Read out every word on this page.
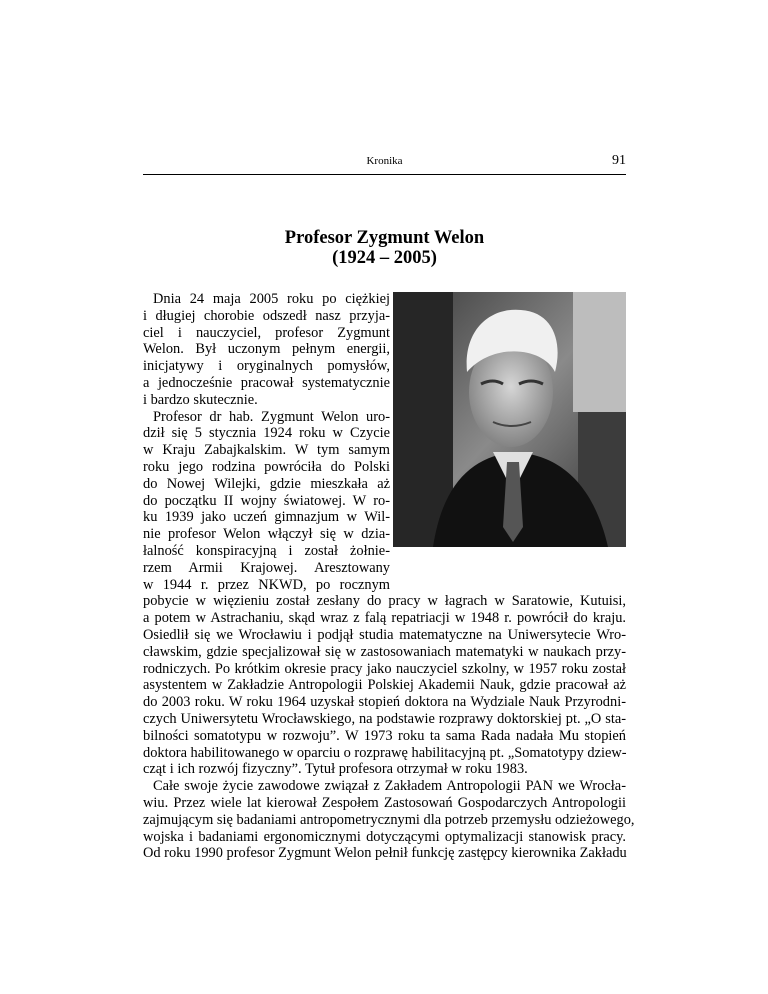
Kronika	91
Profesor Zygmunt Welon
(1924 – 2005)
Dnia 24 maja 2005 roku po ciężkiej
i długiej chorobie odszedł nasz przyja-
ciel i nauczyciel, profesor Zygmunt
Welon. Był uczonym pełnym energii,
inicjatywy i oryginalnych pomysłów,
a jednocześnie pracował systematycznie
i bardzo skutecznie.
Profesor dr hab. Zygmunt Welon uro-
dził się 5 stycznia 1924 roku w Czycie
w Kraju Zabajkalskim. W tym samym
roku jego rodzina powróciła do Polski
do Nowej Wilejki, gdzie mieszkała aż
do początku II wojny światowej. W ro-
ku 1939 jako uczeń gimnazjum w Wil-
nie profesor Welon włączył się w dzia-
łalność konspiracyjną i został żołnie-
rzem Armii Krajowej. Aresztowany
w 1944 r. przez NKWD, po rocznym
pobycie w więzieniu został zesłany do pracy w łagrach w Saratowie, Kutuisi,
a potem w Astrachaniu, skąd wraz z falą repatriacji w 1948 r. powrócił do kraju.
Osiedlił się we Wrocławiu i podjął studia matematyczne na Uniwersytecie Wro-
cławskim, gdzie specjalizował się w zastosowaniach matematyki w naukach przy-
rodniczych. Po krótkim okresie pracy jako nauczyciel szkolny, w 1957 roku został
asystentem w Zakładzie Antropologii Polskiej Akademii Nauk, gdzie pracował aż
do 2003 roku. W roku 1964 uzyskał stopień doktora na Wydziale Nauk Przyrodni-
czych Uniwersytetu Wrocławskiego, na podstawie rozprawy doktorskiej pt. „O sta-
bilności somatotypu w rozwoju”. W 1973 roku ta sama Rada nadała Mu stopień
doktora habilitowanego w oparciu o rozprawę habilitacyjną pt. „Somatotypy dziew-
cząt i ich rozwój fizyczny”. Tytuł profesora otrzymał w roku 1983.
Całe swoje życie zawodowe związał z Zakładem Antropologii PAN we Wrocła-
wiu. Przez wiele lat kierował Zespołem Zastosowań Gospodarczych Antropologii
zajmującym się badaniami antropometrycznymi dla potrzeb przemysłu odzieżowego,
wojska i badaniami ergonomicznymi dotyczącymi optymalizacji stanowisk pracy.
Od roku 1990 profesor Zygmunt Welon pełnił funkcję zastępcy kierownika Zakładu
